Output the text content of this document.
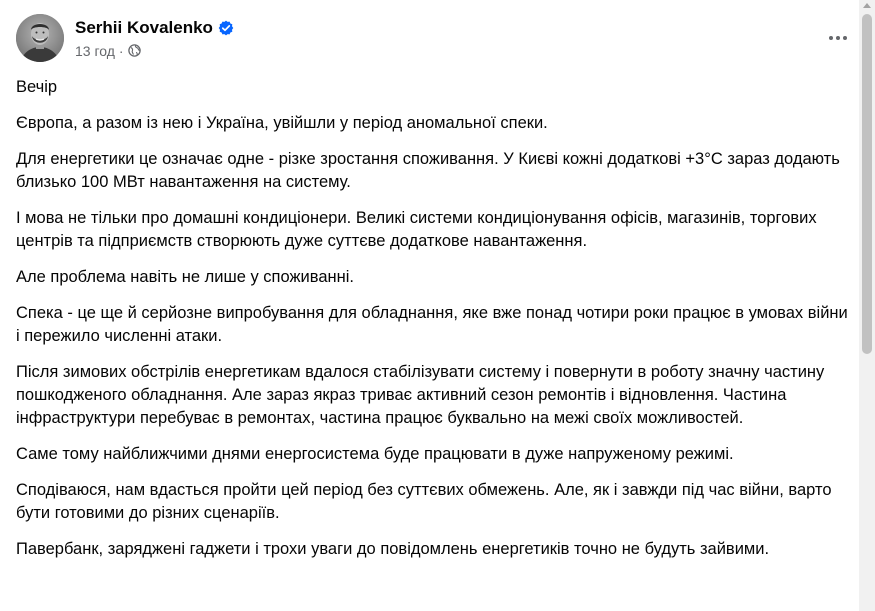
Serhii Kovalenko
13 год ·

Вечір

Європа, а разом із нею і Україна, увійшли у період аномальної спеки.

Для енергетики це означає одне - різке зростання споживання. У Києві кожні додаткові +3°C зараз додають близько 100 МВт навантаження на систему.

І мова не тільки про домашні кондиціонери. Великі системи кондиціонування офісів, магазинів, торгових центрів та підприємств створюють дуже суттєве додаткове навантаження.

Але проблема навіть не лише у споживанні.

Спека - це ще й серйозне випробування для обладнання, яке вже понад чотири роки працює в умовах війни і пережило численні атаки.

Після зимових обстрілів енергетикам вдалося стабілізувати систему і повернути в роботу значну частину пошкодженого обладнання. Але зараз якраз триває активний сезон ремонтів і відновлення. Частина інфраструктури перебуває в ремонтах, частина працює буквально на межі своїх можливостей.

Саме тому найближчими днями енергосистема буде працювати в дуже напруженому режимі.

Сподіваюся, нам вдасться пройти цей період без суттєвих обмежень. Але, як і завжди під час війни, варто бути готовими до різних сценаріїв.

Павербанк, заряджені гаджети і трохи уваги до повідомлень енергетиків точно не будуть зайвими.
